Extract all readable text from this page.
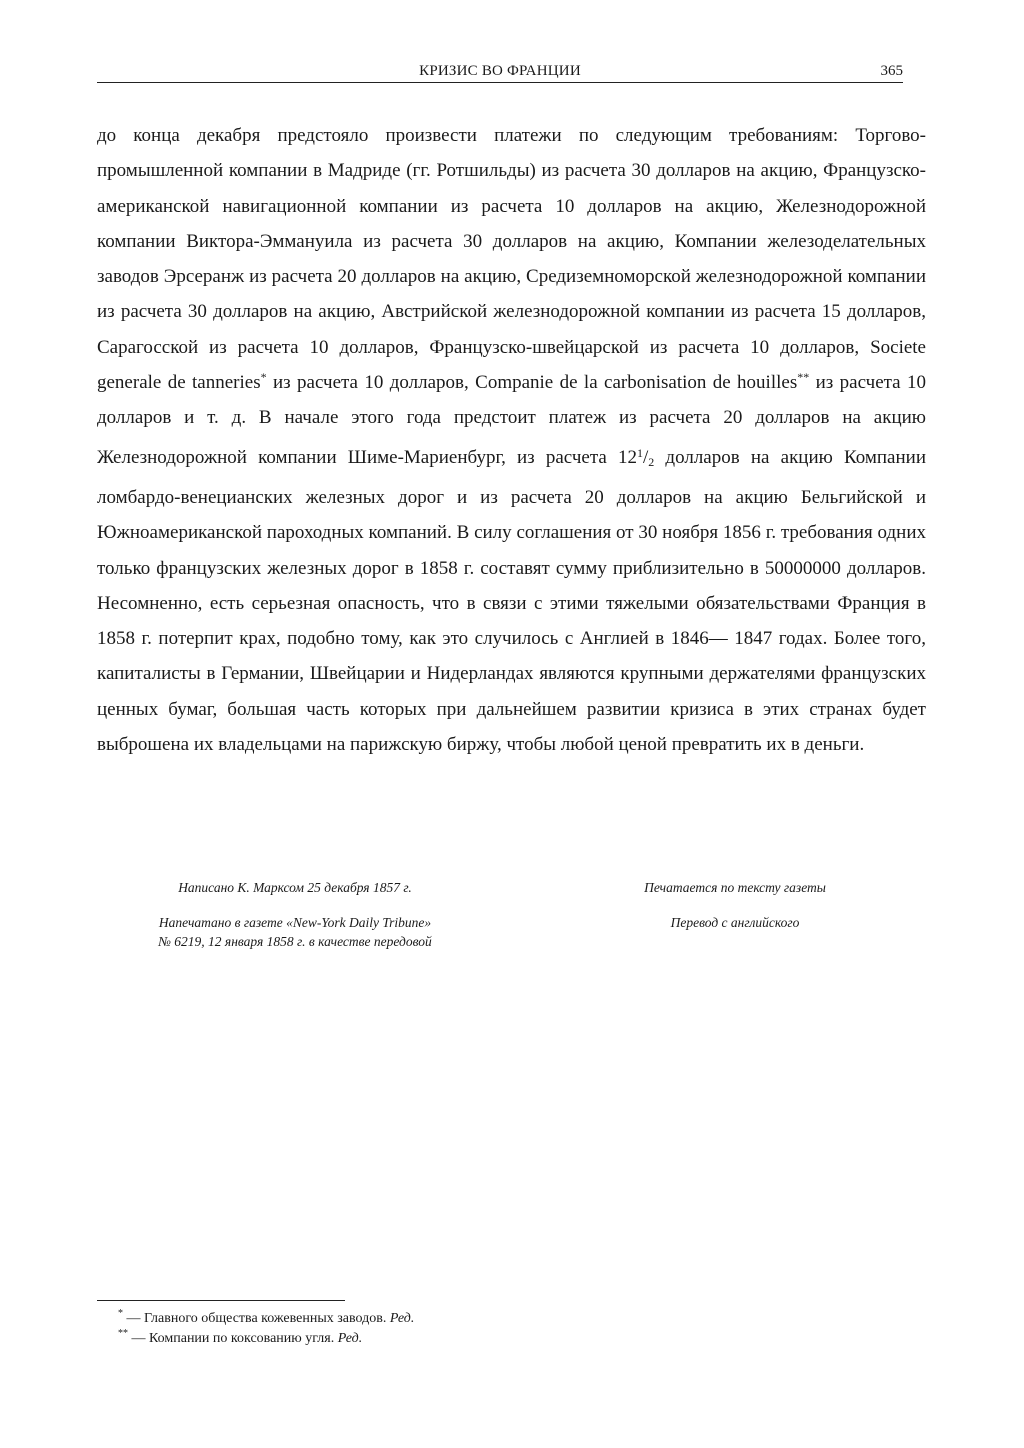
КРИЗИС ВО ФРАНЦИИ	365

до конца декабря предстояло произвести платежи по следующим требованиям: Торгово-промышленной компании в Мадриде (гг. Ротшильды) из расчета 30 долларов на акцию, Французско-американской навигационной компании из расчета 10 долларов на акцию, Железнодорожной компании Виктора-Эммануила из расчета 30 долларов на акцию, Компании железоделательных заводов Эрсеранж из расчета 20 долларов на акцию, Средиземноморской железнодорожной компании из расчета 30 долларов на акцию, Австрийской железнодорожной компании из расчета 15 долларов, Сарагосской из расчета 10 долларов, Французско-швейцарской из расчета 10 долларов, Societe generale de tanneries* из расчета 10 долларов, Companie de la carbonisation de houilles** из расчета 10 долларов и т. д. В начале этого года предстоит платеж из расчета 20 долларов на акцию Железнодорожной компании Шиме-Мариенбург, из расчета $12^1/2$ долларов на акцию Компании ломбардо-венецианских железных дорог и из расчета 20 долларов на акцию Бельгийской и Южноамериканской пароходных компаний. В силу соглашения от 30 ноября 1856 г. требования одних только французских железных дорог в 1858 г. составят сумму приблизительно в 50000000 долларов. Несомненно, есть серьезная опасность, что в связи с этими тяжелыми обязательствами Франция в 1858 г. потерпит крах, подобно тому, как это случилось с Англией в 1846— 1847 годах. Более того, капиталисты в Германии, Швейцарии и Нидерландах являются крупными держателями французских ценных бумаг, большая часть которых при дальнейшем развитии кризиса в этих странах будет выброшена их владельцами на парижскую биржу, чтобы любой ценой превратить их в деньги.

Написано К. Марксом 25 декабря 1857 г.

Напечатано в газете «New-York Daily Tribune»

№ 6219, 12 января 1858 г. в качестве передовой

Печатается по тексту газеты

Перевод с английского

* — Главного общества кожевенных заводов. Ред.

** — Компании по коксованию угля. Ред.
